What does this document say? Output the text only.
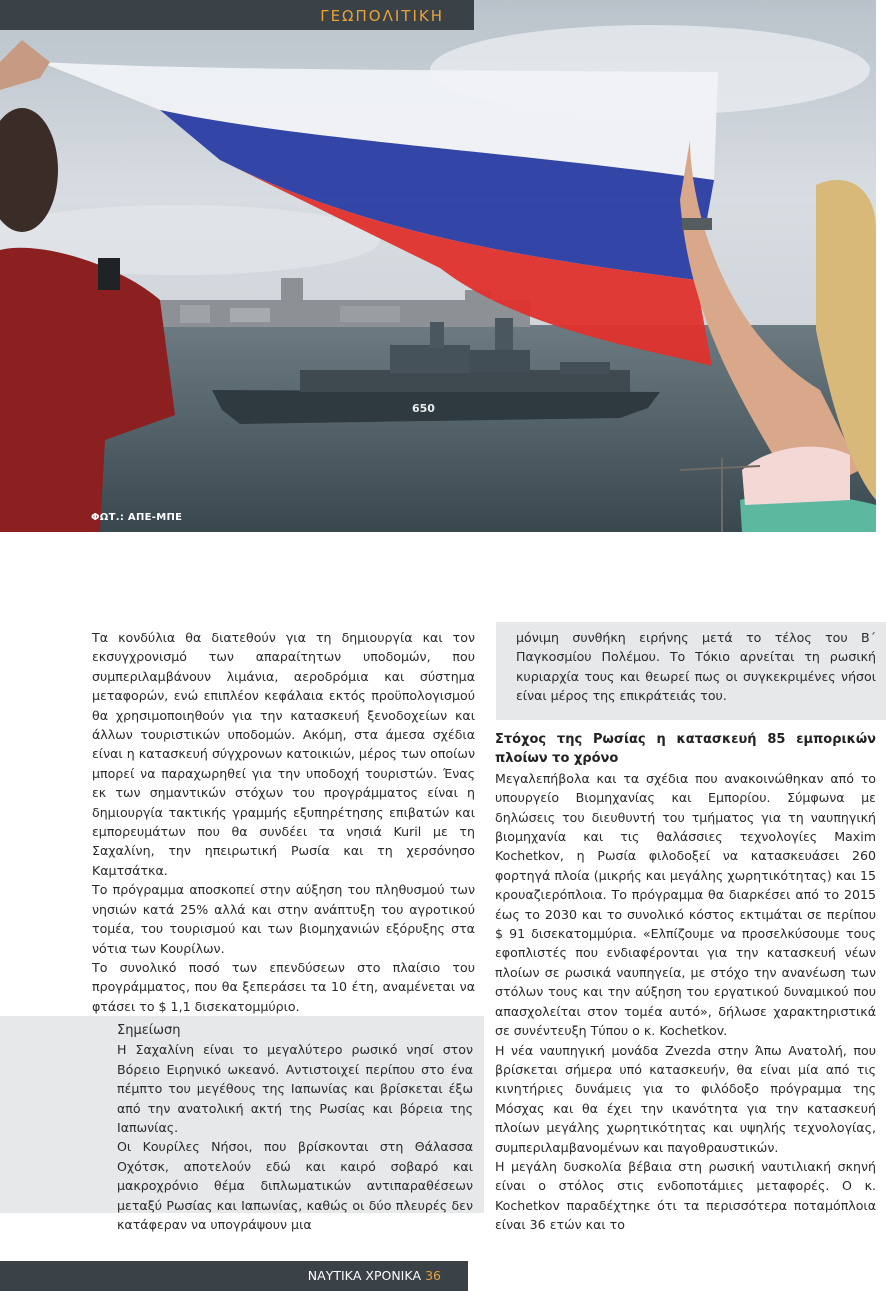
ΓΕΩΠΟΛΙΤΙΚΗ
650
ΦΩΤ.: ΑΠΕ-ΜΠΕ

Τα κονδύλια θα διατεθούν για τη δημιουργία και τον εκσυγχρονισμό των απαραίτητων υποδομών, που συμπεριλαμβάνουν λιμάνια, αεροδρόμια και σύστημα μεταφορών, ενώ επιπλέον κεφάλαια εκτός προϋπολογισμού θα χρησιμοποιηθούν για την κατασκευή ξενοδοχείων και άλλων τουριστικών υποδομών. Ακόμη, στα άμεσα σχέδια είναι η κατασκευή σύγχρονων κατοικιών, μέρος των οποίων μπορεί να παραχωρηθεί για την υποδοχή τουριστών. Ένας εκ των σημαντικών στόχων του προγράμματος είναι η δημιουργία τακτικής γραμμής εξυπηρέτησης επιβατών και εμπορευμάτων που θα συνδέει τα νησιά Kuril με τη Σαχαλίνη, την ηπειρωτική Ρωσία και τη χερσόνησο Καμτσάτκα.

Το πρόγραμμα αποσκοπεί στην αύξηση του πληθυσμού των νησιών κατά 25% αλλά και στην ανάπτυξη του αγροτικού τομέα, του τουρισμού και των βιομηχανιών εξόρυξης στα νότια των Κουρίλων.

Το συνολικό ποσό των επενδύσεων στο πλαίσιο του προγράμματος, που θα ξεπεράσει τα 10 έτη, αναμένεται να φτάσει το $ 1,1 δισεκατομμύριο.

Σημείωση

Η Σαχαλίνη είναι το μεγαλύτερο ρωσικό νησί στον Βόρειο Ειρηνικό ωκεανό. Αντιστοιχεί περίπου στο ένα πέμπτο του μεγέθους της Ιαπωνίας και βρίσκεται έξω από την ανατολική ακτή της Ρωσίας και βόρεια της Ιαπωνίας.

Οι Κουρίλες Νήσοι, που βρίσκονται στη Θάλασσα Οχότσκ, αποτελούν εδώ και καιρό σοβαρό και μακροχρόνιο θέμα διπλωματικών αντιπαραθέσεων μεταξύ Ρωσίας και Ιαπωνίας, καθώς οι δύο πλευρές δεν κατάφεραν να υπογράψουν μια

μόνιμη συνθήκη ειρήνης μετά το τέλος του Β΄ Παγκοσμίου Πολέμου. Το Τόκιο αρνείται τη ρωσική κυριαρχία τους και θεωρεί πως οι συγκεκριμένες νήσοι είναι μέρος της επικράτειάς του.
Στόχος της Ρωσίας η κατασκευή 85 εμπορικών πλοίων το χρόνο

Μεγαλεπήβολα και τα σχέδια που ανακοινώθηκαν από το υπουργείο Βιομηχανίας και Εμπορίου. Σύμφωνα με δηλώσεις του διευθυντή του τμήματος για τη ναυπηγική βιομηχανία και τις θαλάσσιες τεχνολογίες Maxim Kochetkov, η Ρωσία φιλοδοξεί να κατασκευάσει 260 φορτηγά πλοία (μικρής και μεγάλης χωρητικότητας) και 15 κρουαζιερόπλοια. Το πρόγραμμα θα διαρκέσει από το 2015 έως το 2030 και το συνολικό κόστος εκτιμάται σε περίπου $ 91 δισεκατομμύρια. «Ελπίζουμε να προσελκύσουμε τους εφοπλιστές που ενδιαφέρονται για την κατασκευή νέων πλοίων σε ρωσικά ναυπηγεία, με στόχο την ανανέωση των στόλων τους και την αύξηση του εργατικού δυναμικού που απασχολείται στον τομέα αυτό», δήλωσε χαρακτηριστικά σε συνέντευξη Τύπου ο κ. Kochetkov.

Η νέα ναυπηγική μονάδα Zvezda στην Άπω Ανατολή, που βρίσκεται σήμερα υπό κατασκευήν, θα είναι μία από τις κινητήριες δυνάμεις για το φιλόδοξο πρόγραμμα της Μόσχας και θα έχει την ικανότητα για την κατασκευή πλοίων μεγάλης χωρητικότητας και υψηλής τεχνολογίας, συμπεριλαμβανομένων και παγοθραυστικών.

Η μεγάλη δυσκολία βέβαια στη ρωσική ναυτιλιακή σκηνή είναι ο στόλος στις ενδοποτάμιες μεταφορές. Ο κ. Kochetkov παραδέχτηκε ότι τα περισσότερα ποταμόπλοια είναι 36 ετών και το

ΝΑΥΤΙΚΑ ΧΡΟΝΙΚΑ 36
